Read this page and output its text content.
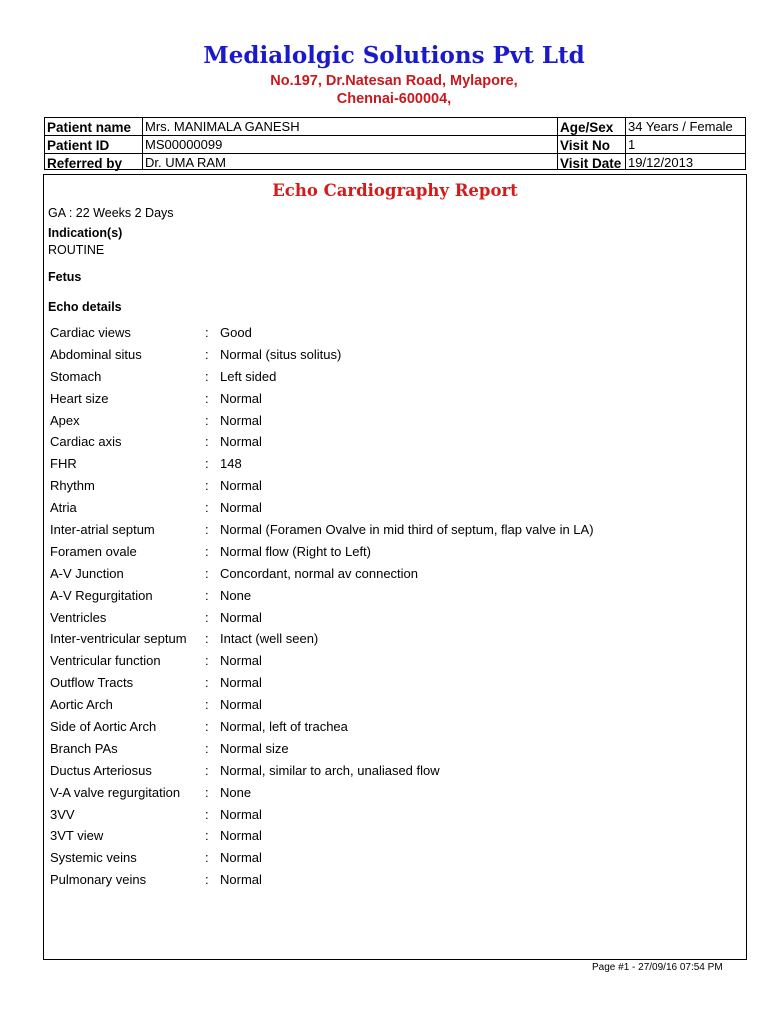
Medialolgic Solutions Pvt Ltd
No.197, Dr.Natesan Road, Mylapore,
Chennai-600004,
Patient name Mrs. MANIMALA GANESH	Age/Sex 34 Years / Female
Patient ID	MS00000099	Visit No 1
Referred by Dr. UMA RAM	Visit Date 19/12/2013
Echo Cardiography Report
GA : 22 Weeks 2 Days
Indication(s)
ROUTINE
Fetus
Echo details
Cardiac views	: Good
Abdominal situs	: Normal (situs solitus)
Stomach	: Left sided
Heart size	: Normal
Apex	: Normal
Cardiac axis	: Normal
FHR	: 148
Rhythm	: Normal
Atria	: Normal
Inter-atrial septum	: Normal (Foramen Ovalve in mid third of septum, flap valve in LA)
Foramen ovale	: Normal flow (Right to Left)
A-V Junction	: Concordant, normal av connection
A-V Regurgitation	: None
Ventricles	: Normal
Inter-ventricular septum : Intact (well seen)
Ventricular function	: Normal
Outflow Tracts	: Normal
Aortic Arch	: Normal
Side of Aortic Arch	: Normal, left of trachea
Branch PAs	: Normal size
Ductus Arteriosus	: Normal, similar to arch, unaliased flow
V-A valve regurgitation : None
3VV	: Normal
3VT view	: Normal
Systemic veins	: Normal
Pulmonary veins	: Normal
Page #1 - 27/09/16 07:54 PM
